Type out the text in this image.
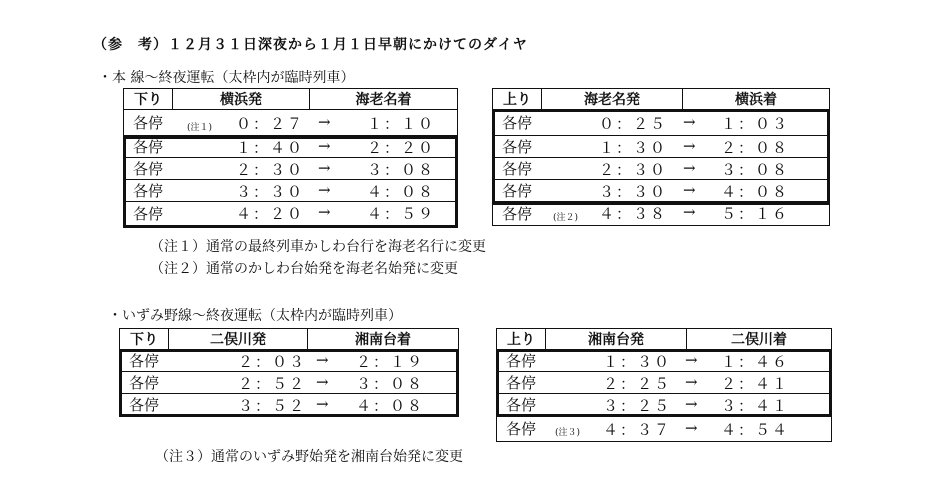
（参　考）１２月３１日深夜から１月１日早朝にかけてのダイヤ
・本 線～終夜運転（太枠内が臨時列車）
下り	横浜発	海老名着
各停	(注１) ０：２７ → １：１０
各停	１：４０ → ２：２０
各停	２：３０ → ３：０８
各停	３：３０ → ４：０８
各停	４：２０ → ４：５９
上り	海老名発	横浜着
各停	０：２５ → １：０３
各停	１：３０ → ２：０８
各停	２：３０ → ３：０８
各停	３：３０ → ４：０８
各停	(注２) ４：３８ → ５：１６
（注１）通常の最終列車かしわ台行を海老名行に変更
（注２）通常のかしわ台始発を海老名始発に変更
・いずみ野線～終夜運転（太枠内が臨時列車）
下り	二俣川発	湘南台着
各停	２：０３ → ２：１９
各停	２：５２ → ３：０８
各停	３：５２ → ４：０８
上り	湘南台発	二俣川着
各停	１：３０ → １：４６
各停	２：２５ → ２：４１
各停	３：２５ → ３：４１
各停	(注３) ４：３７ → ４：５４
（注３）通常のいずみ野始発を湘南台始発に変更
